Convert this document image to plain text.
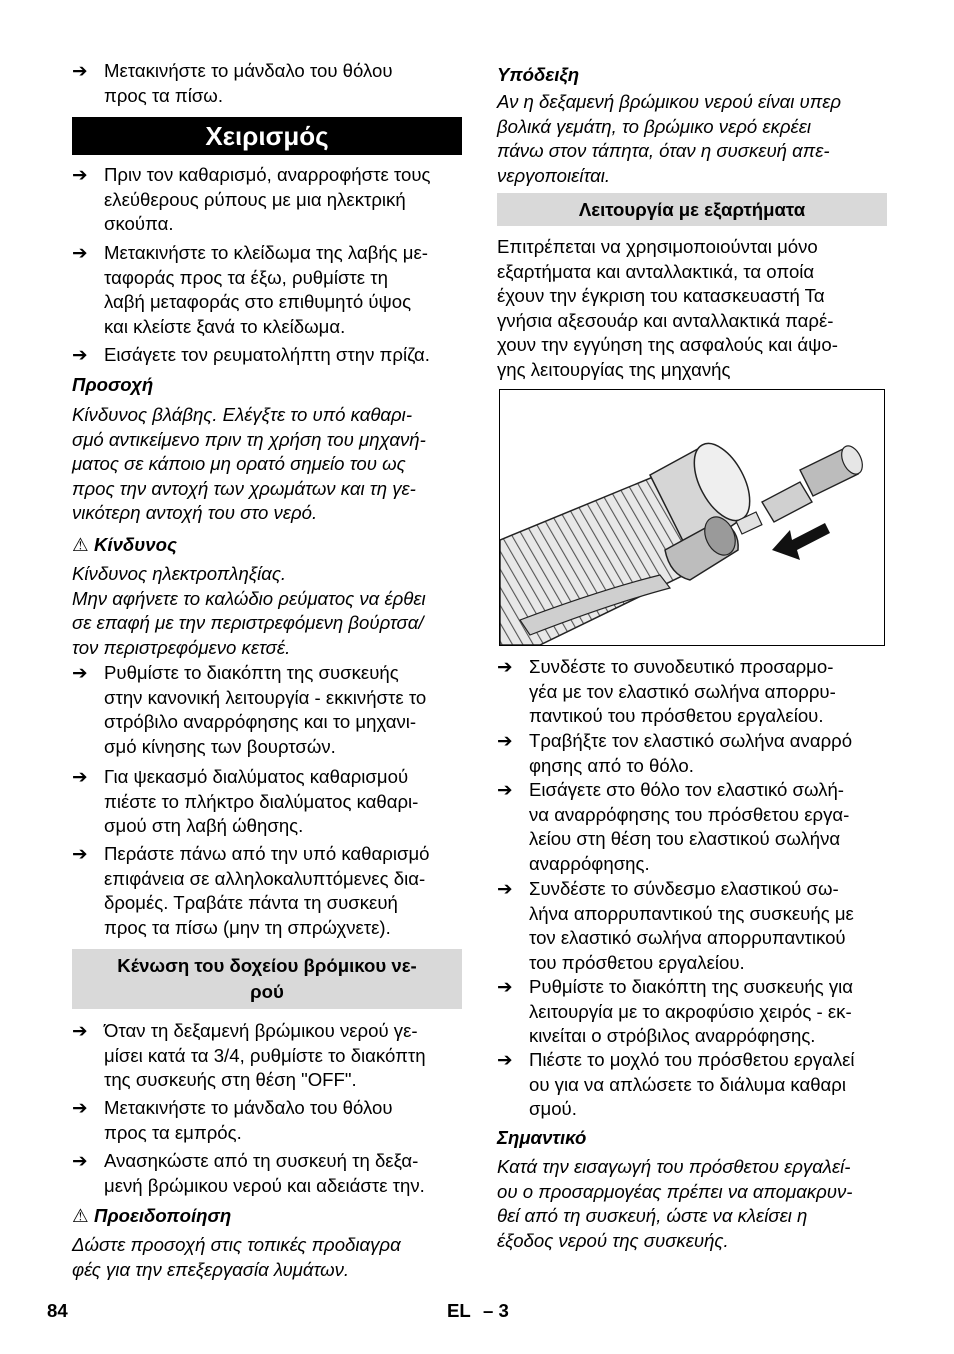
➔ Μετακινήστε το μάνδαλο του θόλου
προς τα πίσω.
Χειρισμός
➔ Πριν τον καθαρισμό, αναρροφήστε τους
ελεύθερους ρύπους με μια ηλεκτρική
σκούπα.
➔ Μετακινήστε το κλείδωμα της λαβής με-
ταφοράς προς τα έξω, ρυθμίστε τη
λαβή μεταφοράς στο επιθυμητό ύψος
και κλείστε ξανά το κλείδωμα.
➔ Εισάγετε τον ρευματολήπτη στην πρίζα.
Προσοχή
Κίνδυνος βλάβης. Ελέγξτε το υπό καθαρι-
σμό αντικείμενο πριν τη χρήση του μηχανή-
ματος σε κάποιο μη ορατό σημείο του ως
προς την αντοχή των χρωμάτων και τη γε-
νικότερη αντοχή του στο νερό.
⚠ Κίνδυνος
Κίνδυνος ηλεκτροπληξίας.
Μην αφήνετε το καλώδιο ρεύματος να έρθει
σε επαφή με την περιστρεφόμενη βούρτσα/
τον περιστρεφόμενο κετσέ.
➔ Ρυθμίστε το διακόπτη της συσκευής
στην κανονική λειτουργία - εκκινήστε το
στρόβιλο αναρρόφησης και το μηχανι-
σμό κίνησης των βουρτσών.
➔ Για ψεκασμό διαλύματος καθαρισμού
πιέστε το πλήκτρο διαλύματος καθαρι-
σμού στη λαβή ώθησης.
➔ Περάστε πάνω από την υπό καθαρισμό
επιφάνεια σε αλληλοκαλυπτόμενες δια-
δρομές. Τραβάτε πάντα τη συσκευή
προς τα πίσω (μην τη σπρώχνετε).
Κένωση του δοχείου βρόμικου νε-
ρού
➔ Όταν τη δεξαμενή βρώμικου νερού γε-
μίσει κατά τα 3/4, ρυθμίστε το διακόπτη
της συσκευής στη θέση "OFF".
➔ Μετακινήστε το μάνδαλο του θόλου
προς τα εμπρός.
➔ Ανασηκώστε από τη συσκευή τη δεξα-
μενή βρώμικου νερού και αδειάστε την.
⚠ Προειδοποίηση
Δώστε προσοχή στις τοπικές προδιαγρα
φές για την επεξεργασία λυμάτων.
Υπόδειξη
Αν η δεξαμενή βρώμικου νερού είναι υπερ
βολικά γεμάτη, το βρώμικο νερό εκρέει
πάνω στον τάπητα, όταν η συσκευή απε-
νεργοποιείται.
Λειτουργία με εξαρτήματα
Επιτρέπεται να χρησιμοποιούνται μόνο
εξαρτήματα και ανταλλακτικά, τα οποία
έχουν την έγκριση του κατασκευαστή Τα
γνήσια αξεσουάρ και ανταλλακτικά παρέ-
χουν την εγγύηση της ασφαλούς και άψο-
γης λειτουργίας της μηχανής
➔ Συνδέστε το συνοδευτικό προσαρμο-
γέα με τον ελαστικό σωλήνα απορρυ-
παντικού του πρόσθετου εργαλείου.
➔ Τραβήξτε τον ελαστικό σωλήνα αναρρό
φησης από το θόλο.
➔ Εισάγετε στο θόλο τον ελαστικό σωλή-
να αναρρόφησης του πρόσθετου εργα-
λείου στη θέση του ελαστικού σωλήνα
αναρρόφησης.
➔ Συνδέστε το σύνδεσμο ελαστικού σω-
λήνα απορρυπαντικού της συσκευής με
τον ελαστικό σωλήνα απορρυπαντικού
του πρόσθετου εργαλείου.
➔ Ρυθμίστε το διακόπτη της συσκευής για
λειτουργία με το ακροφύσιο χειρός - εκ-
κινείται ο στρόβιλος αναρρόφησης.
➔ Πιέστε το μοχλό του πρόσθετου εργαλεί
ου για να απλώσετε το διάλυμα καθαρι
σμού.
Σημαντικό
Κατά την εισαγωγή του πρόσθετου εργαλεί-
ου ο προσαρμογέας πρέπει να απομακρυν-
θεί από τη συσκευή, ώστε να κλείσει η
έξοδος νερού της συσκευής.
84	EL – 3
